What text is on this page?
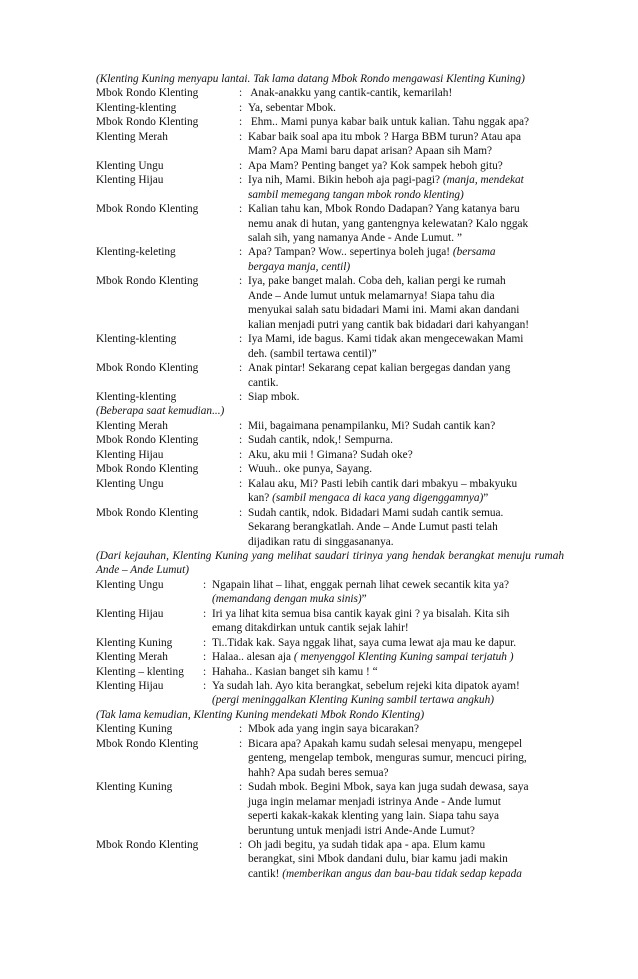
(Klenting Kuning menyapu lantai. Tak lama datang Mbok Rondo mengawasi Klenting Kuning)
Mbok Rondo Klenting	: Anak-anakku yang cantik-cantik, kemarilah!
Klenting-klenting	: Ya, sebentar Mbok.
Mbok Rondo Klenting	: Ehm.. Mami punya kabar baik untuk kalian. Tahu nggak apa?
Klenting Merah	: Kabar baik soal apa itu mbok ? Harga BBM turun? Atau apa
Mam? Apa Mami baru dapat arisan? Apaan sih Mam?
Klenting Ungu	: Apa Mam? Penting banget ya? Kok sampek heboh gitu?
Klenting Hijau	: Iya nih, Mami. Bikin heboh aja pagi-pagi? (manja, mendekat
sambil memegang tangan mbok rondo klenting)
Mbok Rondo Klenting	: Kalian tahu kan, Mbok Rondo Dadapan? Yang katanya baru
nemu anak di hutan, yang gantengnya kelewatan? Kalo nggak
salah sih, yang namanya Ande - Ande Lumut. ”
Klenting-keleting	: Apa? Tampan? Wow.. sepertinya boleh juga! (bersama
bergaya manja, centil)
Mbok Rondo Klenting	: Iya, pake banget malah. Coba deh, kalian pergi ke rumah
Ande – Ande lumut untuk melamarnya! Siapa tahu dia
menyukai salah satu bidadari Mami ini. Mami akan dandani
kalian menjadi putri yang cantik bak bidadari dari kahyangan!
Klenting-klenting	: Iya Mami, ide bagus. Kami tidak akan mengecewakan Mami
deh. (sambil tertawa centil)”
Mbok Rondo Klenting	: Anak pintar! Sekarang cepat kalian bergegas dandan yang
cantik.
Klenting-klenting	: Siap mbok.
(Beberapa saat kemudian...)
Klenting Merah	: Mii, bagaimana penampilanku, Mi? Sudah cantik kan?
Mbok Rondo Klenting	: Sudah cantik, ndok,! Sempurna.
Klenting Hijau	: Aku, aku mii ! Gimana? Sudah oke?
Mbok Rondo Klenting	: Wuuh.. oke punya, Sayang.
Klenting Ungu	: Kalau aku, Mi? Pasti lebih cantik dari mbakyu – mbakyuku
kan? (sambil mengaca di kaca yang digenggamnya)”
Mbok Rondo Klenting	: Sudah cantik, ndok. Bidadari Mami sudah cantik semua.
Sekarang berangkatlah. Ande – Ande Lumut pasti telah
dijadikan ratu di singgasananya.
(Dari kejauhan, Klenting Kuning yang melihat saudari tirinya yang hendak berangkat menuju rumah Ande – Ande Lumut)
Klenting Ungu	: Ngapain lihat – lihat, enggak pernah lihat cewek secantik kita ya?
(memandang dengan muka sinis)”
Klenting Hijau	: Iri ya lihat kita semua bisa cantik kayak gini ? ya bisalah. Kita sih
emang ditakdirkan untuk cantik sejak lahir!
Klenting Kuning	: Ti..Tidak kak. Saya nggak lihat, saya cuma lewat aja mau ke dapur.
Klenting Merah	: Halaa.. alesan aja ( menyenggol Klenting Kuning sampai terjatuh )
Klenting – klenting	: Hahaha.. Kasian banget sih kamu ! “
Klenting Hijau	: Ya sudah lah. Ayo kita berangkat, sebelum rejeki kita dipatok ayam!
(pergi meninggalkan Klenting Kuning sambil tertawa angkuh)
(Tak lama kemudian, Klenting Kuning mendekati Mbok Rondo Klenting)
Klenting Kuning	: Mbok ada yang ingin saya bicarakan?
Mbok Rondo Klenting	: Bicara apa? Apakah kamu sudah selesai menyapu, mengepel
genteng, mengelap tembok, menguras sumur, mencuci piring,
hahh? Apa sudah beres semua?
Klenting Kuning	: Sudah mbok. Begini Mbok, saya kan juga sudah dewasa, saya
juga ingin melamar menjadi istrinya Ande - Ande lumut
seperti kakak-kakak klenting yang lain. Siapa tahu saya
beruntung untuk menjadi istri Ande-Ande Lumut?
Mbok Rondo Klenting	: Oh jadi begitu, ya sudah tidak apa - apa. Elum kamu
berangkat, sini Mbok dandani dulu, biar kamu jadi makin
cantik! (memberikan angus dan bau-bau tidak sedap kepada
